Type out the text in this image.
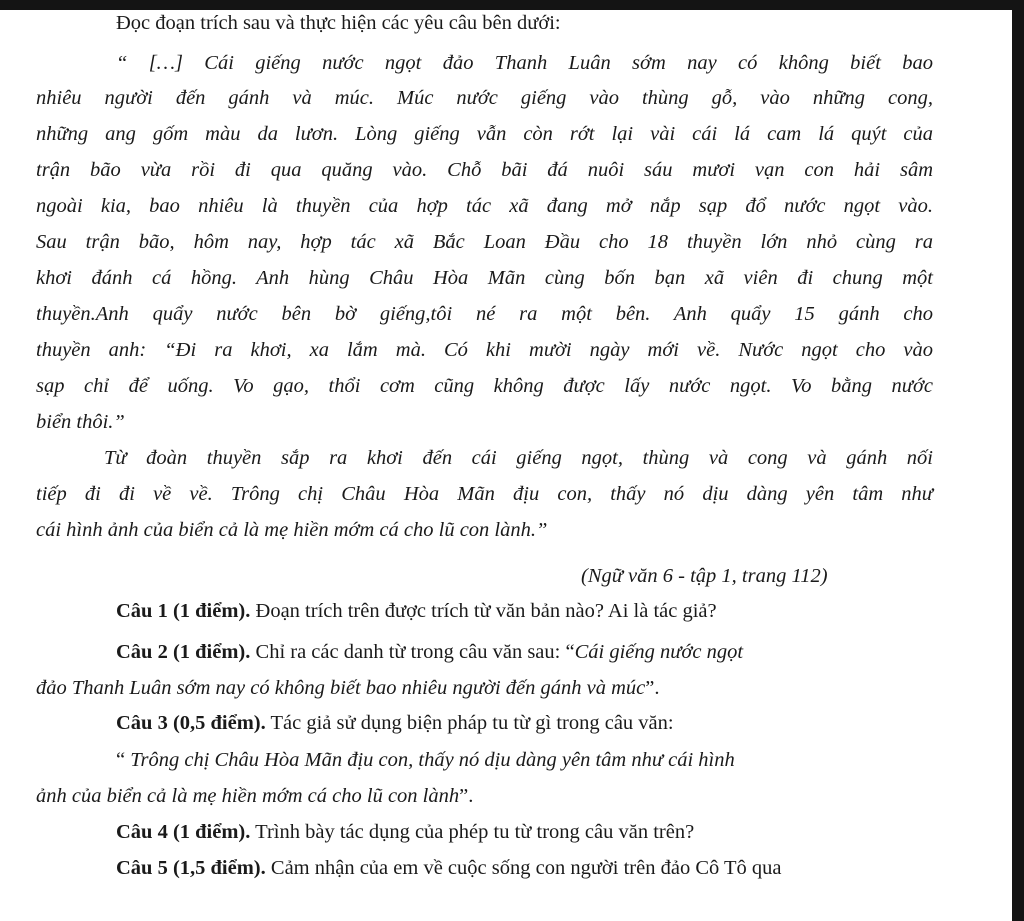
Đọc đoạn trích sau và thực hiện các yêu câu bên dưới:
“ […] Cái giếng nước ngọt đảo Thanh Luân sớm nay có không biết bao
nhiêu người đến gánh và múc. Múc nước giếng vào thùng gỗ, vào những cong,
những ang gốm màu da lươn. Lòng giếng vẫn còn rớt lại vài cái lá cam lá quýt của
trận bão vừa rồi đi qua quăng vào. Chỗ bãi đá nuôi sáu mươi vạn con hải sâm
ngoài kia, bao nhiêu là thuyền của hợp tác xã đang mở nắp sạp đổ nước ngọt vào.
Sau trận bão, hôm nay, hợp tác xã Bắc Loan Đầu cho 18 thuyền lớn nhỏ cùng ra
khơi đánh cá hồng. Anh hùng Châu Hòa Mãn cùng bốn bạn xã viên đi chung một
thuyền.Anh quẩy nước bên bờ giếng,tôi né ra một bên. Anh quẩy 15 gánh cho
thuyền anh: “Đi ra khơi, xa lắm mà. Có khi mười ngày mới về. Nước ngọt cho vào
sạp chỉ để uống. Vo gạo, thổi cơm cũng không được lấy nước ngọt. Vo bằng nước
biển thôi.”
Từ đoàn thuyền sắp ra khơi đến cái giếng ngọt, thùng và cong và gánh nối
tiếp đi đi về về. Trông chị Châu Hòa Mãn địu con, thấy nó dịu dàng yên tâm như
cái hình ảnh của biển cả là mẹ hiền mớm cá cho lũ con lành.”
(Ngữ văn 6 - tập 1, trang 112)
Câu 1 (1 điểm). Đoạn trích trên được trích từ văn bản nào? Ai là tác giả?
Câu 2 (1 điểm). Chỉ ra các danh từ trong câu văn sau: “Cái giếng nước ngọt
đảo Thanh Luân sớm nay có không biết bao nhiêu người đến gánh và múc”.
Câu 3 (0,5 điểm). Tác giả sử dụng biện pháp tu từ gì trong câu văn:
“ Trông chị Châu Hòa Mãn địu con, thấy nó dịu dàng yên tâm như cái hình
ảnh của biển cả là mẹ hiền mớm cá cho lũ con lành”.
Câu 4 (1 điểm). Trình bày tác dụng của phép tu từ trong câu văn trên?
Câu 5 (1,5 điểm). Cảm nhận của em về cuộc sống con người trên đảo Cô Tô qua
